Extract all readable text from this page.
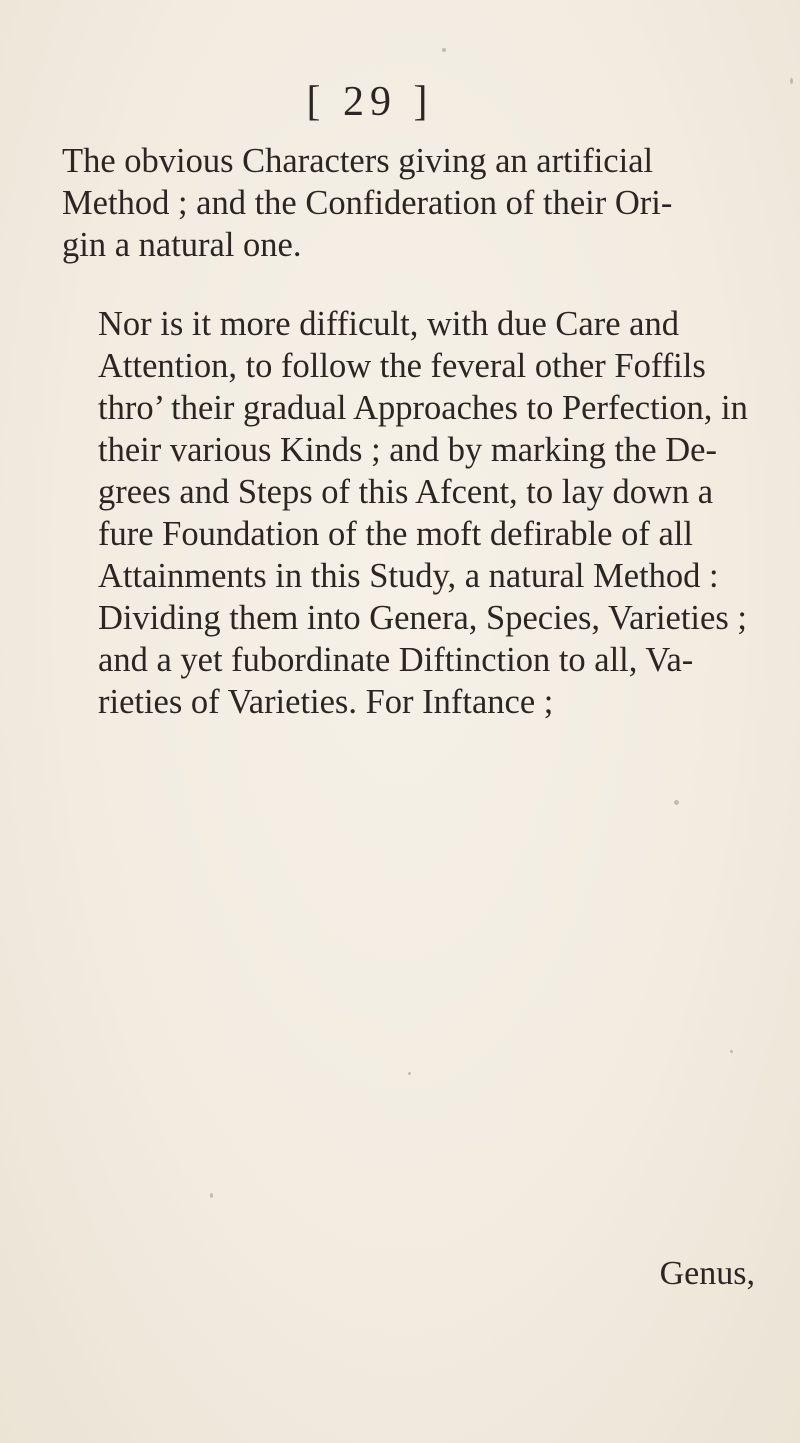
[ 29 ]

The obvious Characters giving an artificial
Method ; and the Confideration of their Ori-
gin a natural one.

Nor is it more difficult, with due Care and
Attention, to follow the feveral other Foffils
thro’ their gradual Approaches to Perfection, in
their various Kinds ; and by marking the De-
grees and Steps of this Afcent, to lay down a
fure Foundation of the moft defirable of all
Attainments in this Study, a natural Method :
Dividing them into Genera, Species, Varieties ;
and a yet fubordinate Diftinction to all, Va-
rieties of Varieties. For Inftance ;

Genus,
